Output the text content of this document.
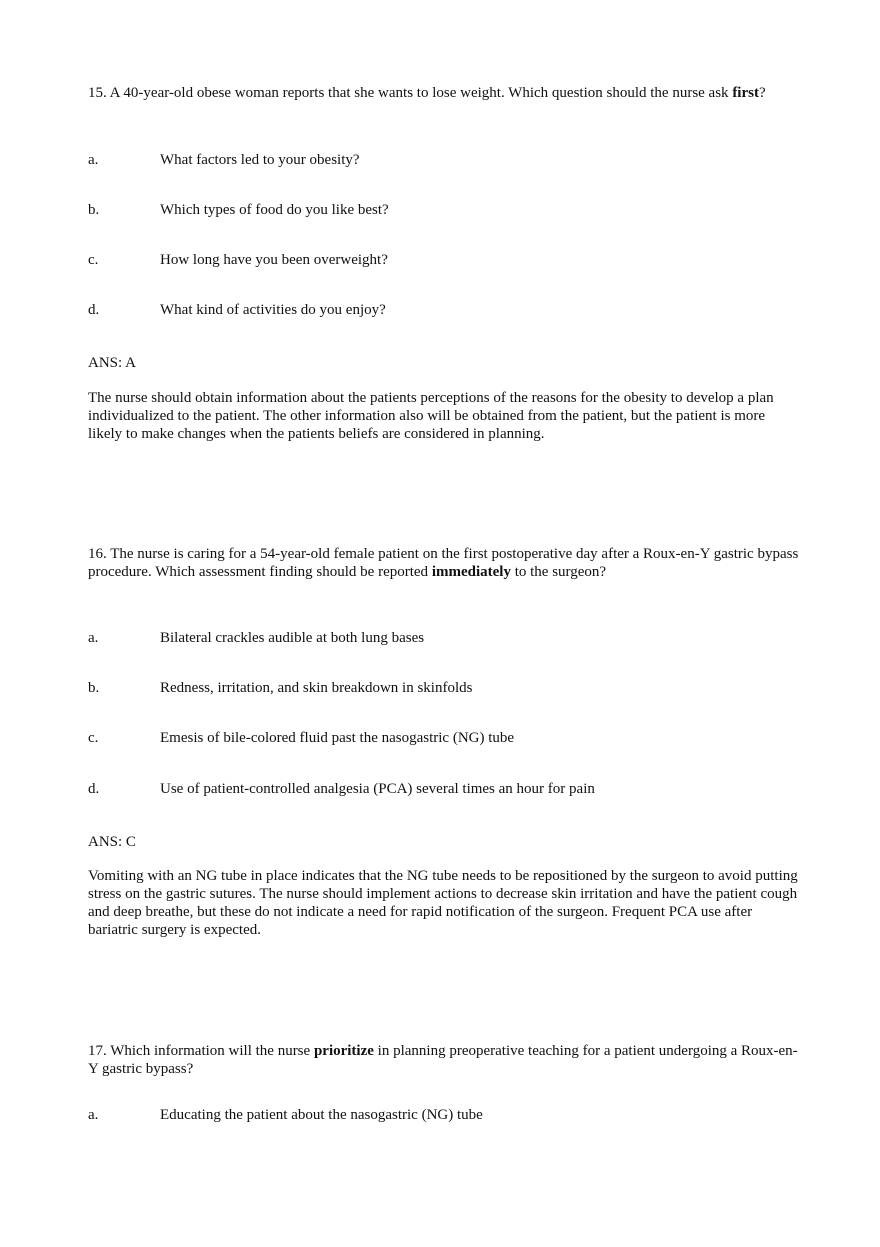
15. A 40-year-old obese woman reports that she wants to lose weight. Which question should the nurse ask first?
a.	What factors led to your obesity?
b.	Which types of food do you like best?
c.	How long have you been overweight?
d.	What kind of activities do you enjoy?
ANS: A
The nurse should obtain information about the patients perceptions of the reasons for the obesity to develop a plan individualized to the patient. The other information also will be obtained from the patient, but the patient is more likely to make changes when the patients beliefs are considered in planning.
16. The nurse is caring for a 54-year-old female patient on the first postoperative day after a Roux-en-Y gastric bypass procedure. Which assessment finding should be reported immediately to the surgeon?
a.	Bilateral crackles audible at both lung bases
b.	Redness, irritation, and skin breakdown in skinfolds
c.	Emesis of bile-colored fluid past the nasogastric (NG) tube
d.	Use of patient-controlled analgesia (PCA) several times an hour for pain
ANS: C
Vomiting with an NG tube in place indicates that the NG tube needs to be repositioned by the surgeon to avoid putting stress on the gastric sutures. The nurse should implement actions to decrease skin irritation and have the patient cough and deep breathe, but these do not indicate a need for rapid notification of the surgeon. Frequent PCA use after bariatric surgery is expected.
17. Which information will the nurse prioritize in planning preoperative teaching for a patient undergoing a Roux-en-Y gastric bypass?
a.	Educating the patient about the nasogastric (NG) tube
